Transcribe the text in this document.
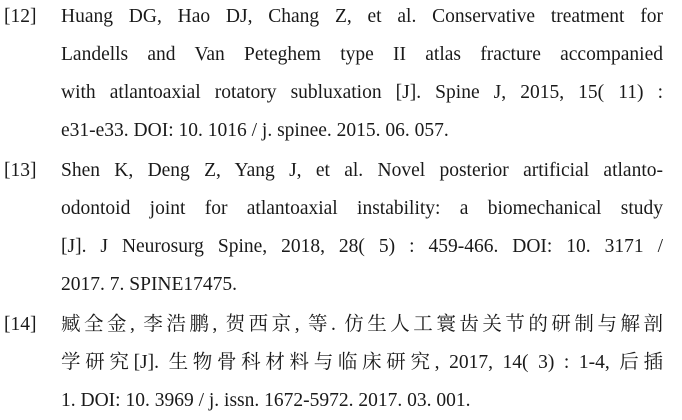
[12] Huang DG, Hao DJ, Chang Z, et al. Conservative treatment for
Landells and Van Peteghem type II atlas fracture accompanied
with atlantoaxial rotatory subluxation [J]. Spine J, 2015, 15( 11) :
e31-e33. DOI: 10. 1016 / j. spinee. 2015. 06. 057.
[13] Shen K, Deng Z, Yang J, et al. Novel posterior artificial atlanto-
odontoid joint for atlantoaxial instability: a biomechanical study
[J]. J Neurosurg Spine, 2018, 28( 5) : 459-466. DOI: 10. 3171 /
2017. 7. SPINE17475.
[14] 臧全金, 李浩鹏, 贺西京, 等. 仿生人工寰齿关节的研制与解剖
学研究[J]. 生物骨科材料与临床研究, 2017, 14( 3) : 1-4, 后插
1. DOI: 10. 3969 / j. issn. 1672-5972. 2017. 03. 001.
